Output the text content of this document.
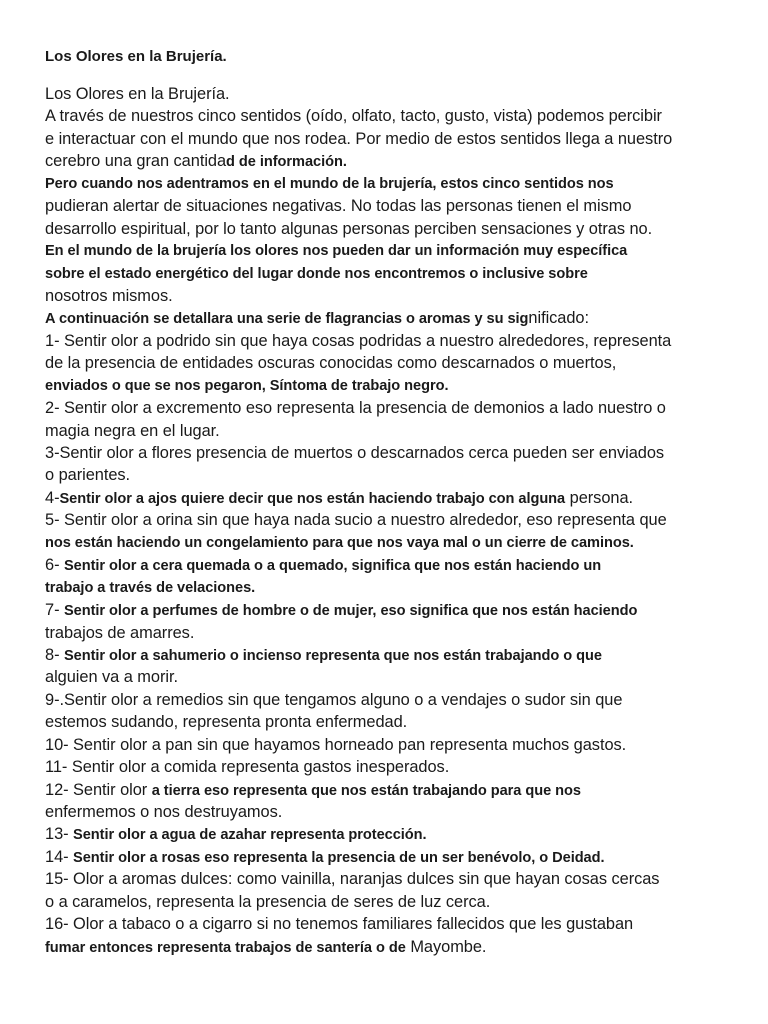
Los Olores en la Brujería.
Los Olores en la Brujería.
A través de nuestros cinco sentidos (oído, olfato, tacto, gusto, vista) podemos percibir
e interactuar con el mundo que nos rodea. Por medio de estos sentidos llega a nuestro
cerebro una gran cantidad de información.
Pero cuando nos adentramos en el mundo de la brujería, estos cinco sentidos nos
pudieran alertar de situaciones negativas. No todas las personas tienen el mismo
desarrollo espiritual, por lo tanto algunas personas perciben sensaciones y otras no.
En el mundo de la brujería los olores nos pueden dar un información muy específica
sobre el estado energético del lugar donde nos encontremos o inclusive sobre
nosotros mismos.
A continuación se detallara una serie de flagrancias o aromas y su significado:
1- Sentir olor a podrido sin que haya cosas podridas a nuestro alrededores, representa
de la presencia de entidades oscuras conocidas como descarnados o muertos,
enviados o que se nos pegaron, Síntoma de trabajo negro.
2- Sentir olor a excremento eso representa la presencia de demonios a lado nuestro o
magia negra en el lugar.
3-Sentir olor a flores presencia de muertos o descarnados cerca pueden ser enviados
o parientes.
4-Sentir olor a ajos quiere decir que nos están haciendo trabajo con alguna persona.
5- Sentir olor a orina sin que haya nada sucio a nuestro alrededor, eso representa que
nos están haciendo un congelamiento para que nos vaya mal o un cierre de caminos.
6- Sentir olor a cera quemada o a quemado, significa que nos están haciendo un
trabajo a través de velaciones.
7- Sentir olor a perfumes de hombre o de mujer, eso significa que nos están haciendo
trabajos de amarres.
8- Sentir olor a sahumerio o incienso representa que nos están trabajando o que
alguien va a morir.
9-.Sentir olor a remedios sin que tengamos alguno o a vendajes o sudor sin que
estemos sudando, representa pronta enfermedad.
10- Sentir olor a pan sin que hayamos horneado pan representa muchos gastos.
11- Sentir olor a comida representa gastos inesperados.
12- Sentir olor a tierra eso representa que nos están trabajando para que nos
enfermemos o nos destruyamos.
13- Sentir olor a agua de azahar representa protección.
14- Sentir olor a rosas eso representa la presencia de un ser benévolo, o Deidad.
15- Olor a aromas dulces: como vainilla, naranjas dulces sin que hayan cosas cercas
o a caramelos, representa la presencia de seres de luz cerca.
16- Olor a tabaco o a cigarro si no tenemos familiares fallecidos que les gustaban
fumar entonces representa trabajos de santería o de Mayombe.
